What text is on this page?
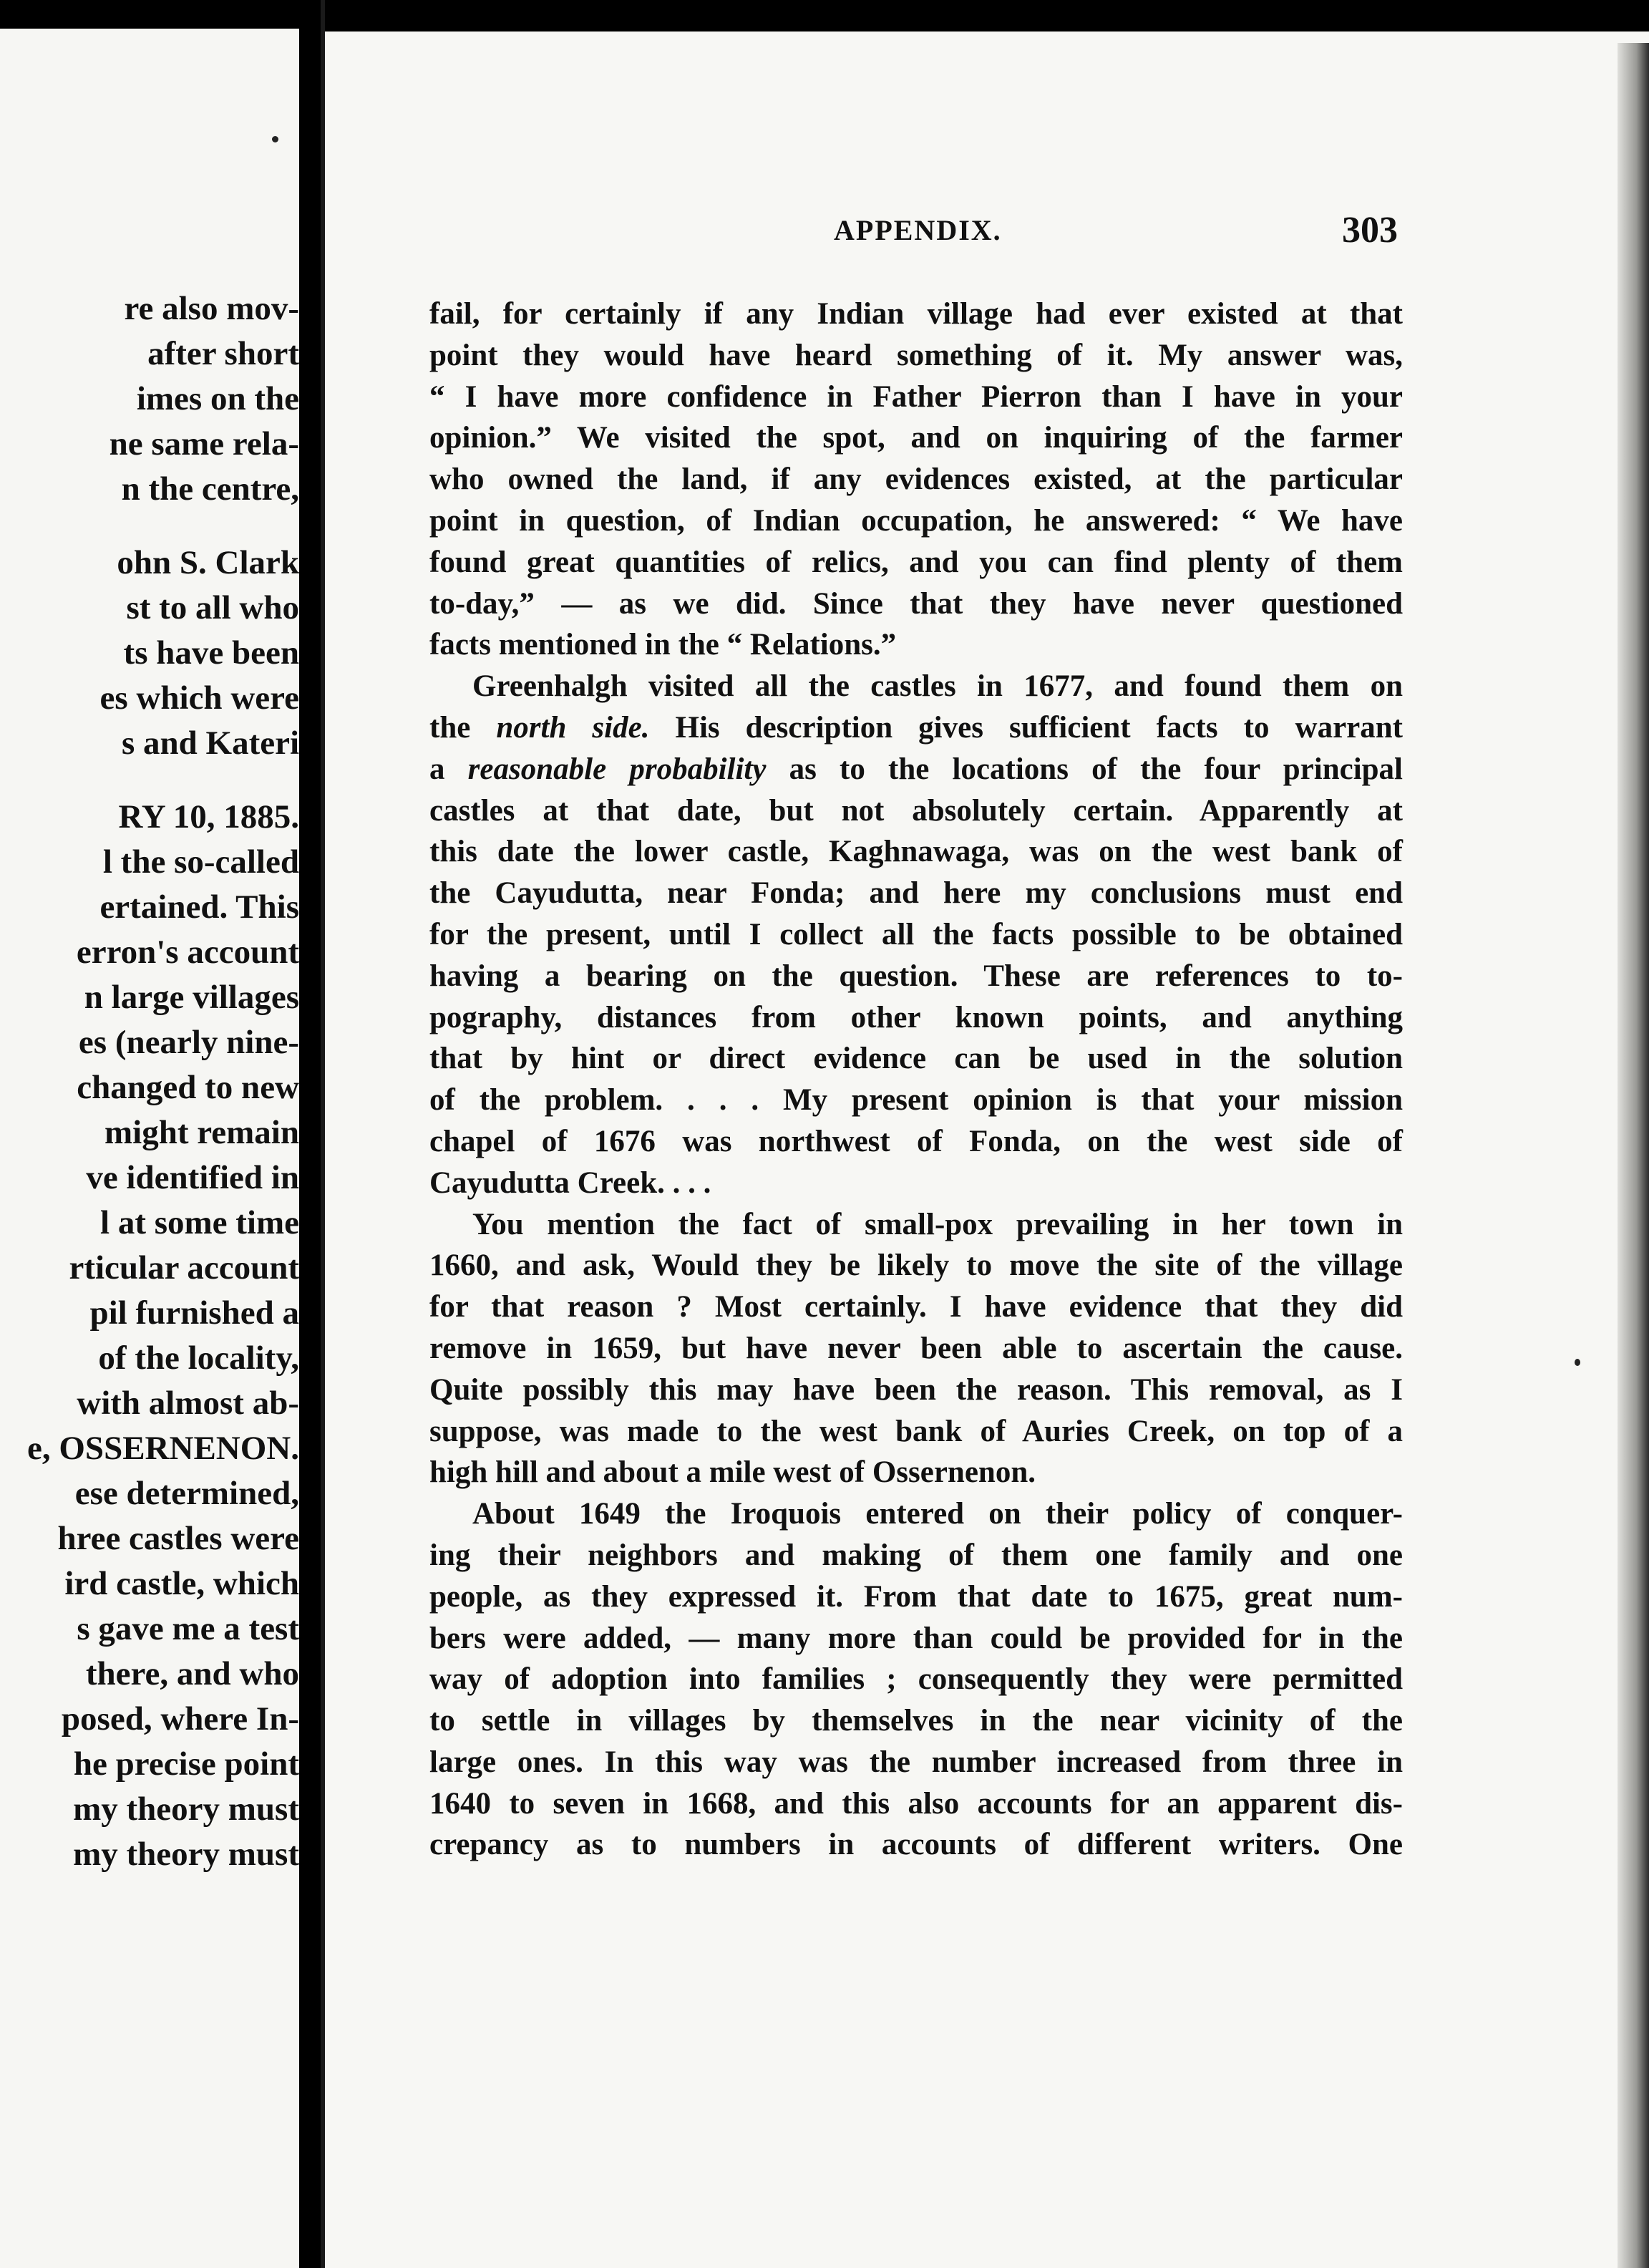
re also mov-
after short
imes on the
ne same rela-
n the centre,

ohn S. Clark
st to all who
ts have been
es which were
s and Kateri

RY 10, 1885.
l the so-called
ertained. This
erron's account
n large villages
es (nearly nine-
changed to new
might remain
ve identified in
l at some time
rticular account
pil furnished a
of the locality,
with almost ab-
e, OSSERNENON.
ese determined,
hree castles were
ird castle, which
s gave me a test
there, and who
posed, where In-
he precise point
my theory must
my theory must
APPENDIX.	303
fail, for certainly if any Indian village had ever existed at that
point they would have heard something of it. My answer was,
“ I have more confidence in Father Pierron than I have in your
opinion.” We visited the spot, and on inquiring of the farmer
who owned the land, if any evidences existed, at the particular
point in question, of Indian occupation, he answered: “ We have
found great quantities of relics, and you can find plenty of them
to-day,” — as we did. Since that they have never questioned
facts mentioned in the “ Relations.”
Greenhalgh visited all the castles in 1677, and found them on
the north side. His description gives sufficient facts to warrant
a reasonable probability as to the locations of the four principal
castles at that date, but not absolutely certain. Apparently at
this date the lower castle, Kaghnawaga, was on the west bank of
the Cayudutta, near Fonda; and here my conclusions must end
for the present, until I collect all the facts possible to be obtained
having a bearing on the question. These are references to to-
pography, distances from other known points, and anything
that by hint or direct evidence can be used in the solution
of the problem. . . . My present opinion is that your mission
chapel of 1676 was northwest of Fonda, on the west side of
Cayudutta Creek. . . .
You mention the fact of small-pox prevailing in her town in
1660, and ask, Would they be likely to move the site of the village
for that reason ? Most certainly. I have evidence that they did
remove in 1659, but have never been able to ascertain the cause.
Quite possibly this may have been the reason. This removal, as I
suppose, was made to the west bank of Auries Creek, on top of a
high hill and about a mile west of Ossernenon.
About 1649 the Iroquois entered on their policy of conquer-
ing their neighbors and making of them one family and one
people, as they expressed it. From that date to 1675, great num-
bers were added, — many more than could be provided for in the
way of adoption into families ; consequently they were permitted
to settle in villages by themselves in the near vicinity of the
large ones. In this way was the number increased from three in
1640 to seven in 1668, and this also accounts for an apparent dis-
crepancy as to numbers in accounts of different writers. One
